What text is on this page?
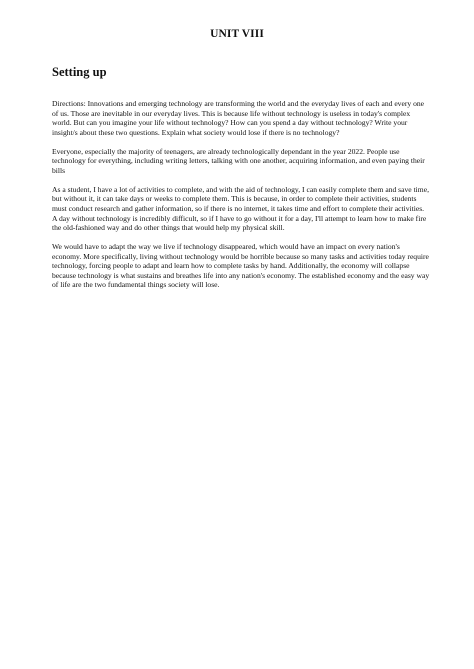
UNIT VIII
Setting up

Directions: Innovations and emerging technology are transforming the world and the everyday lives of each and every one of us. Those are inevitable in our everyday lives. This is because life without technology is useless in today's complex world. But can you imagine your life without technology? How can you spend a day without technology? Write your insight/s about these two questions. Explain what society would lose if there is no technology?

Everyone, especially the majority of teenagers, are already technologically dependant in the year 2022. People use technology for everything, including writing letters, talking with one another, acquiring information, and even paying their bills

As a student, I have a lot of activities to complete, and with the aid of technology, I can easily complete them and save time, but without it, it can take days or weeks to complete them. This is because, in order to complete their activities, students must conduct research and gather information, so if there is no internet, it takes time and effort to complete their activities. A day without technology is incredibly difficult, so if I have to go without it for a day, I'll attempt to learn how to make fire the old-fashioned way and do other things that would help my physical skill.

We would have to adapt the way we live if technology disappeared, which would have an impact on every nation's economy. More specifically, living without technology would be horrible because so many tasks and activities today require technology, forcing people to adapt and learn how to complete tasks by hand. Additionally, the economy will collapse because technology is what sustains and breathes life into any nation's economy. The established economy and the easy way of life are the two fundamental things society will lose.
